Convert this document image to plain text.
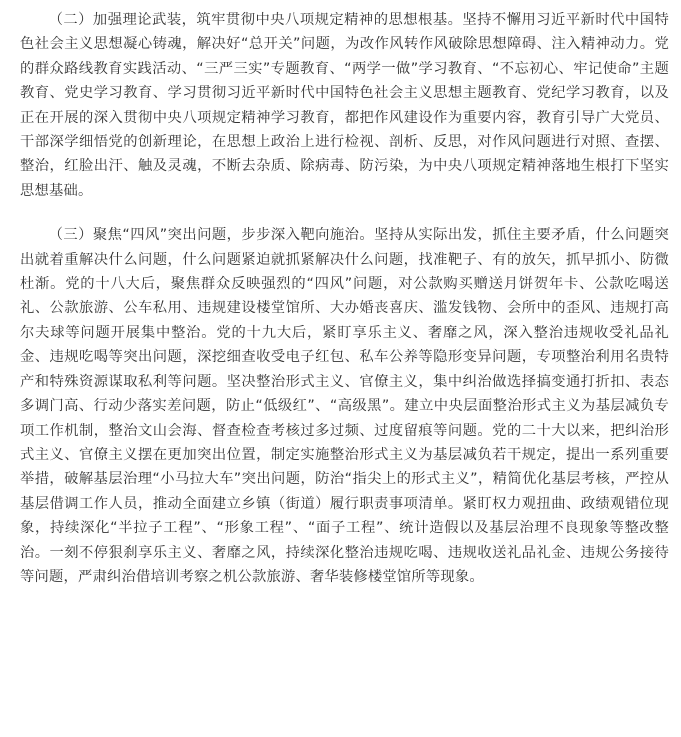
（二）加强理论武装，筑牢贯彻中央八项规定精神的思想根基。坚持不懈用习近平新时代中国特色社会主义思想凝心铸魂，解决好“总开关”问题，为改作风转作风破除思想障碍、注入精神动力。党的群众路线教育实践活动、“三严三实”专题教育、“两学一做”学习教育、“不忘初心、牢记使命”主题教育、党史学习教育、学习贯彻习近平新时代中国特色社会主义思想主题教育、党纪学习教育，以及正在开展的深入贯彻中央八项规定精神学习教育，都把作风建设作为重要内容，教育引导广大党员、干部深学细悟党的创新理论，在思想上政治上进行检视、剖析、反思，对作风问题进行对照、查摆、整治，红脸出汗、触及灵魂，不断去杂质、除病毒、防污染，为中央八项规定精神落地生根打下坚实思想基础。

（三）聚焦“四风”突出问题，步步深入靶向施治。坚持从实际出发，抓住主要矛盾，什么问题突出就着重解决什么问题，什么问题紧迫就抓紧解决什么问题，找准靶子、有的放矢，抓早抓小、防微杜渐。党的十八大后，聚焦群众反映强烈的“四风”问题，对公款购买赠送月饼贺年卡、公款吃喝送礼、公款旅游、公车私用、违规建设楼堂馆所、大办婚丧喜庆、滥发钱物、会所中的歪风、违规打高尔夫球等问题开展集中整治。党的十九大后，紧盯享乐主义、奢靡之风，深入整治违规收受礼品礼金、违规吃喝等突出问题，深挖细查收受电子红包、私车公养等隐形变异问题，专项整治利用名贵特产和特殊资源谋取私利等问题。坚决整治形式主义、官僚主义，集中纠治做选择搞变通打折扣、表态多调门高、行动少落实差问题，防止“低级红”、“高级黑”。建立中央层面整治形式主义为基层减负专项工作机制，整治文山会海、督查检查考核过多过频、过度留痕等问题。党的二十大以来，把纠治形式主义、官僚主义摆在更加突出位置，制定实施整治形式主义为基层减负若干规定，提出一系列重要举措，破解基层治理“小马拉大车”突出问题，防治“指尖上的形式主义”，精简优化基层考核，严控从基层借调工作人员，推动全面建立乡镇（街道）履行职责事项清单。紧盯权力观扭曲、政绩观错位现象，持续深化“半拉子工程”、“形象工程”、“面子工程”、统计造假以及基层治理不良现象等整改整治。一刻不停狠刹享乐主义、奢靡之风，持续深化整治违规吃喝、违规收送礼品礼金、违规公务接待等问题，严肃纠治借培训考察之机公款旅游、奢华装修楼堂馆所等现象。
